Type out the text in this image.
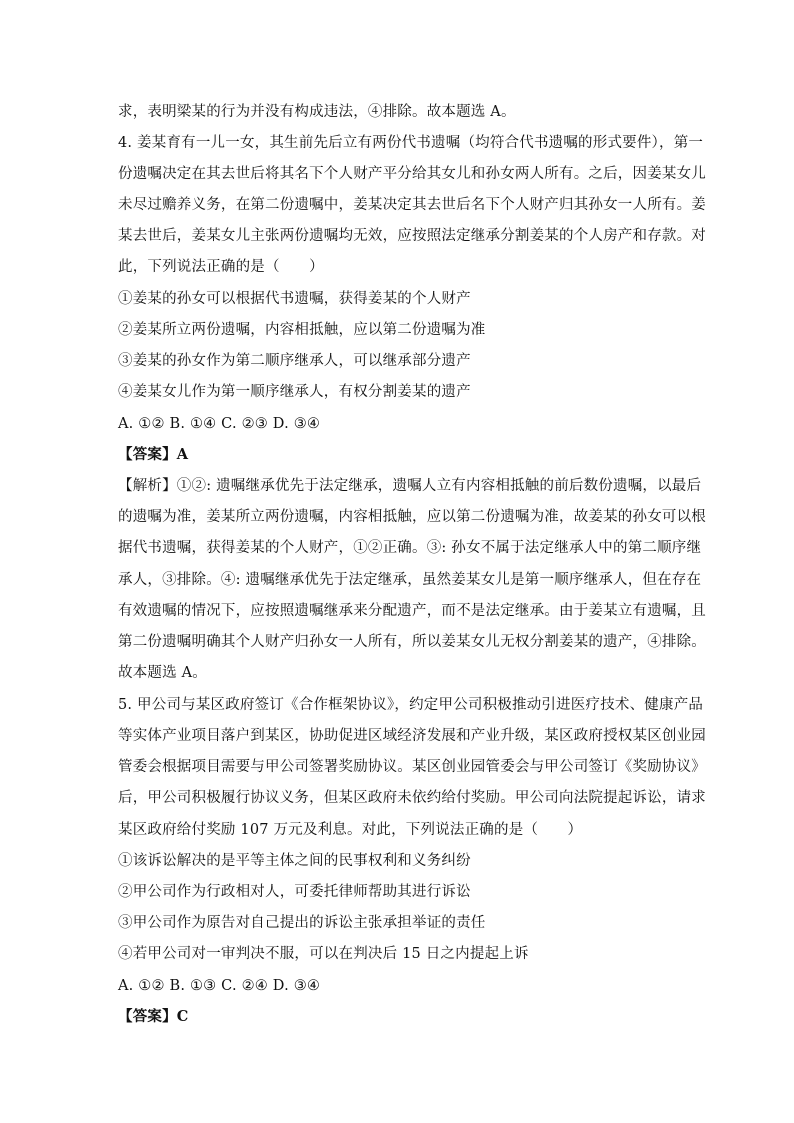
求，表明梁某的行为并没有构成违法，④排除。故本题选 A。
4. 姜某育有一儿一女，其生前先后立有两份代书遗嘱（均符合代书遗嘱的形式要件），第一
份遗嘱决定在其去世后将其名下个人财产平分给其女儿和孙女两人所有。之后，因姜某女儿
未尽过赡养义务，在第二份遗嘱中，姜某决定其去世后名下个人财产归其孙女一人所有。姜
某去世后，姜某女儿主张两份遗嘱均无效，应按照法定继承分割姜某的个人房产和存款。对
此，下列说法正确的是（　　）
①姜某的孙女可以根据代书遗嘱，获得姜某的个人财产
②姜某所立两份遗嘱，内容相抵触，应以第二份遗嘱为准
③姜某的孙女作为第二顺序继承人，可以继承部分遗产
④姜某女儿作为第一顺序继承人，有权分割姜某的遗产
A. ①② B. ①④ C. ②③ D. ③④
【答案】A
【解析】①②: 遗嘱继承优先于法定继承，遗嘱人立有内容相抵触的前后数份遗嘱，以最后
的遗嘱为准，姜某所立两份遗嘱，内容相抵触，应以第二份遗嘱为准，故姜某的孙女可以根
据代书遗嘱，获得姜某的个人财产，①②正确。③: 孙女不属于法定继承人中的第二顺序继
承人，③排除。④: 遗嘱继承优先于法定继承，虽然姜某女儿是第一顺序继承人，但在存在
有效遗嘱的情况下，应按照遗嘱继承来分配遗产，而不是法定继承。由于姜某立有遗嘱，且
第二份遗嘱明确其个人财产归孙女一人所有，所以姜某女儿无权分割姜某的遗产，④排除。
故本题选 A。
5. 甲公司与某区政府签订《合作框架协议》，约定甲公司积极推动引进医疗技术、健康产品
等实体产业项目落户到某区，协助促进区域经济发展和产业升级，某区政府授权某区创业园
管委会根据项目需要与甲公司签署奖励协议。某区创业园管委会与甲公司签订《奖励协议》
后，甲公司积极履行协议义务，但某区政府未依约给付奖励。甲公司向法院提起诉讼，请求
某区政府给付奖励 107 万元及利息。对此，下列说法正确的是（　　）
①该诉讼解决的是平等主体之间的民事权利和义务纠纷
②甲公司作为行政相对人，可委托律师帮助其进行诉讼
③甲公司作为原告对自己提出的诉讼主张承担举证的责任
④若甲公司对一审判决不服，可以在判决后 15 日之内提起上诉
A. ①② B. ①③ C. ②④ D. ③④
【答案】C
